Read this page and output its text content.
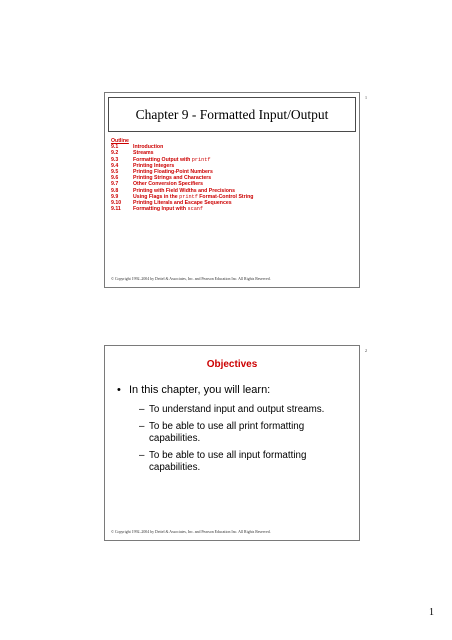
1
Chapter 9 - Formatted Input/Output
Outline
9.1	Introduction
9.2	Streams
9.3	Formatting Output with printf
9.4	Printing Integers
9.5	Printing Floating-Point Numbers
9.6	Printing Strings and Characters
9.7	Other Conversion Specifiers
9.8	Printing with Field Widths and Precisions
9.9	Using Flags in the printf Format-Control String
9.10	Printing Literals and Escape Sequences
9.11	Formatting Input with scanf
© Copyright 1992–2004 by Deitel & Associates, Inc. and Pearson Education Inc. All Rights Reserved.
2
Objectives
• In this chapter, you will learn:
– To understand input and output streams.
– To be able to use all print formatting capabilities.
– To be able to use all input formatting capabilities.
© Copyright 1992–2004 by Deitel & Associates, Inc. and Pearson Education Inc. All Rights Reserved.
1
